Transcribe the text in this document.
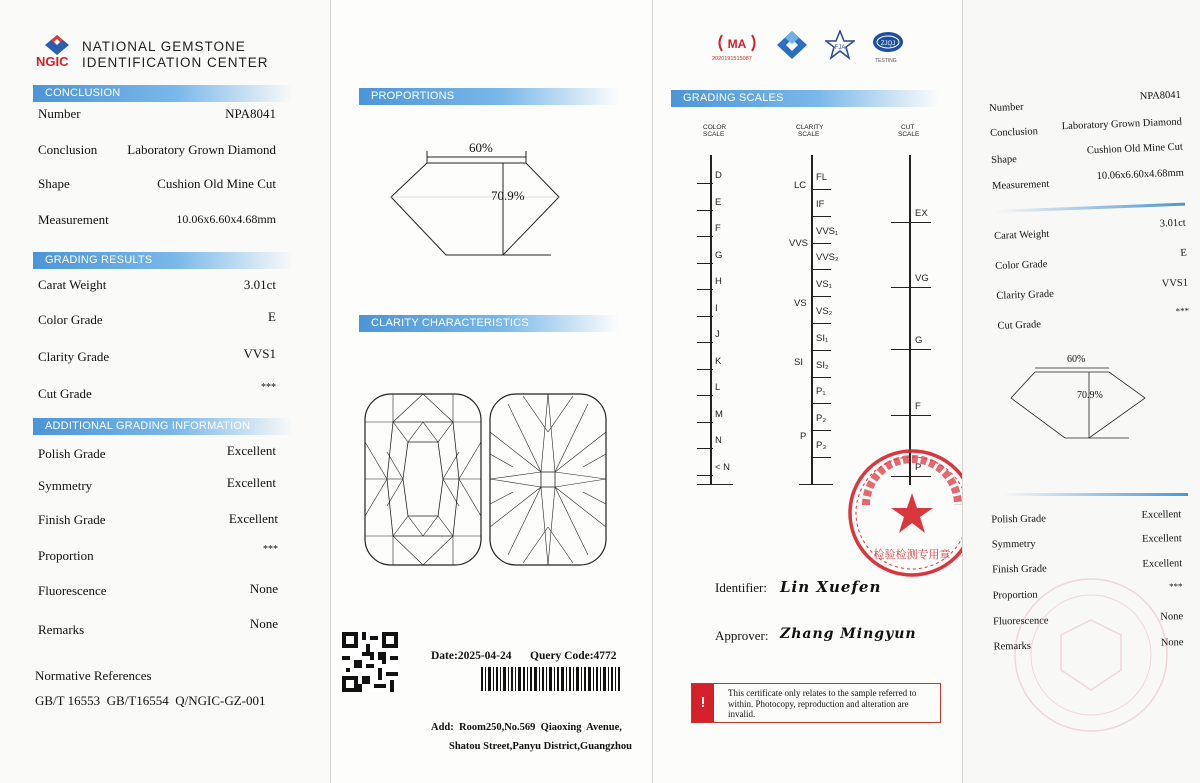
NGIC
NATIONAL GEMSTONE
IDENTIFICATION CENTER
CONCLUSION
Number	NPA8041
Conclusion Laboratory Grown Diamond
Shape	Cushion Old Mine Cut
Measurement	10.06x6.60x4.68mm
GRADING RESULTS
Carat Weight	3.01ct
Color Grade	E
Clarity Grade	VVS1
Cut Grade	***
ADDITIONAL GRADING INFORMATION
Polish Grade	Excellent
Symmetry	Excellent
Finish Grade	Excellent
Proportion	***
Fluorescence	None
Remarks	None
Normative References
GB/T 16553  GB/T16554  Q/NGIC-GZ-001
PROPORTIONS
60%
70.9%
CLARITY CHARACTERISTICS
Date:2025-04-24 Query Code:4772
Add:  Room250,No.569  Qiaoxing  Avenue,
Shatou Street,Panyu District,Guangzhou
MA
2020191515087
FJA
ZJQJ
TESTING
GRADING SCALES
COLOR
SCALE
CLARITY
SCALE
CUT
SCALE
D
E
F
G
H
I
J
K
L
M
N
< N
FL
IF
VVS₁
VVS₂
VS₁
VS₂
SI₁
SI₂
P₁
P₂
P₃
LC
VVS
VS
SI
P
EX
VG
G
F
P
检验检测专用章
Identifier: Lin Xuefen
Approver: Zhang Mingyun
!
This certificate only relates to the sample referred to within. Photocopy, reproduction and alteration are invalid.
Number
NPA8041
Conclusion
Laboratory Grown Diamond
Shape
Cushion Old Mine Cut
Measurement
10.06x6.60x4.68mm
Carat Weight
3.01ct
Color Grade
E
Clarity Grade
VVS1
Cut Grade
***
60%
70.9%
Polish Grade	Excellent
Symmetry	Excellent
Finish Grade	Excellent
Proportion
***
Fluorescence	None
Remarks	None
